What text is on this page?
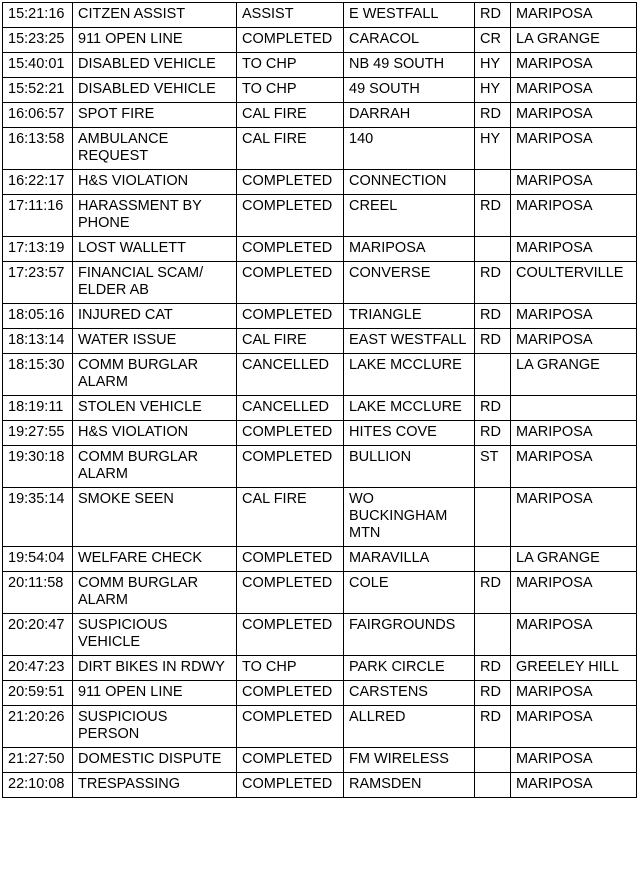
15:21:16	CITZEN ASSIST	ASSIST	E WESTFALL	RD	MARIPOSA
15:23:25	911 OPEN LINE	COMPLETED	CARACOL	CR	LA GRANGE
15:40:01	DISABLED VEHICLE	TO CHP	NB 49 SOUTH	HY	MARIPOSA
15:52:21	DISABLED VEHICLE	TO CHP	49 SOUTH	HY	MARIPOSA
16:06:57	SPOT FIRE	CAL FIRE	DARRAH	RD	MARIPOSA
16:13:58	AMBULANCE REQUEST	CAL FIRE	140	HY	MARIPOSA
16:22:17	H&S VIOLATION	COMPLETED	CONNECTION		MARIPOSA
17:11:16	HARASSMENT BY PHONE	COMPLETED	CREEL	RD	MARIPOSA
17:13:19	LOST WALLETT	COMPLETED	MARIPOSA		MARIPOSA
17:23:57	FINANCIAL SCAM/ ELDER AB	COMPLETED	CONVERSE	RD	COULTERVILLE
18:05:16	INJURED CAT	COMPLETED	TRIANGLE	RD	MARIPOSA
18:13:14	WATER ISSUE	CAL FIRE	EAST WESTFALL	RD	MARIPOSA
18:15:30	COMM BURGLAR ALARM	CANCELLED	LAKE MCCLURE		LA GRANGE
18:19:11	STOLEN VEHICLE	CANCELLED	LAKE MCCLURE	RD	
19:27:55	H&S VIOLATION	COMPLETED	HITES COVE	RD	MARIPOSA
19:30:18	COMM BURGLAR ALARM	COMPLETED	BULLION	ST	MARIPOSA
19:35:14	SMOKE SEEN	CAL FIRE	WO BUCKINGHAM MTN		MARIPOSA
19:54:04	WELFARE CHECK	COMPLETED	MARAVILLA		LA GRANGE
20:11:58	COMM BURGLAR ALARM	COMPLETED	COLE	RD	MARIPOSA
20:20:47	SUSPICIOUS VEHICLE	COMPLETED	FAIRGROUNDS		MARIPOSA
20:47:23	DIRT BIKES IN RDWY	TO CHP	PARK CIRCLE	RD	GREELEY HILL
20:59:51	911 OPEN LINE	COMPLETED	CARSTENS	RD	MARIPOSA
21:20:26	SUSPICIOUS PERSON	COMPLETED	ALLRED	RD	MARIPOSA
21:27:50	DOMESTIC DISPUTE	COMPLETED	FM WIRELESS		MARIPOSA
22:10:08	TRESPASSING	COMPLETED	RAMSDEN		MARIPOSA
